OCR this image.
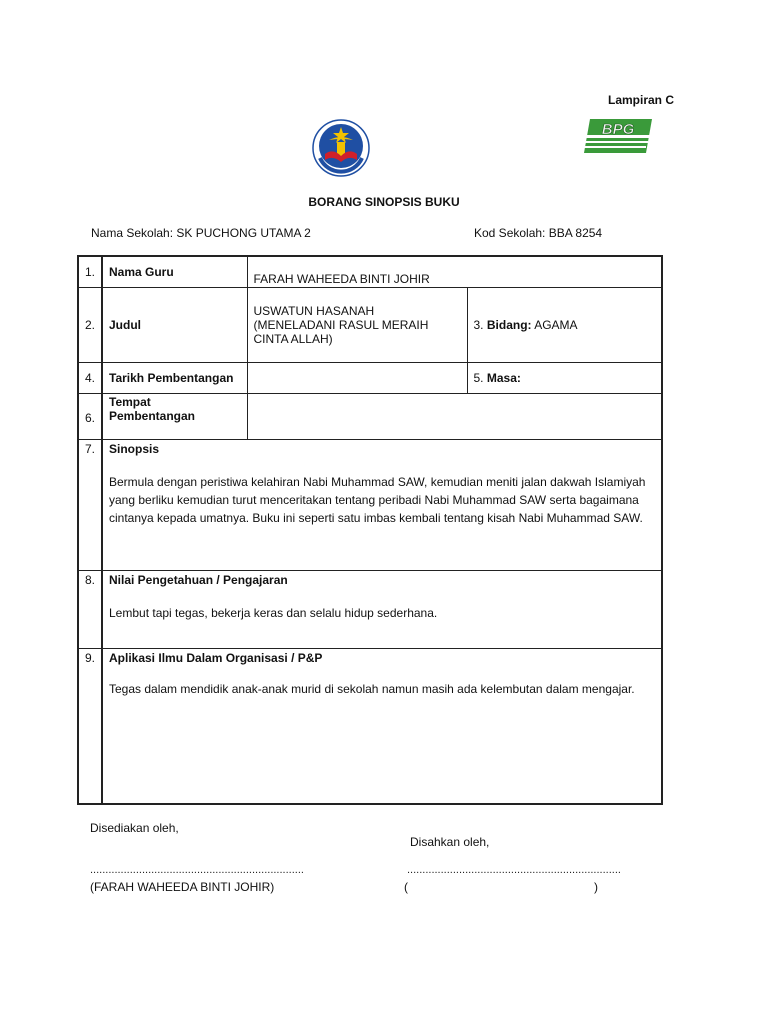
Lampiran C
BPG
BORANG SINOPSIS BUKU
Nama Sekolah: SK PUCHONG UTAMA 2	Kod Sekolah: BBA 8254
1.	Nama Guru	FARAH WAHEEDA BINTI JOHIR	
2.	Judul	USWATUN HASANAH
(MENELADANI RASUL MERAIH
CINTA ALLAH)	3. Bidang: AGAMA
4.	Tarikh Pembentangan		5. Masa:
6.	Tempat
Pembentangan		

7.	Sinopsis
Bermula dengan peristiwa kelahiran Nabi Muhammad SAW, kemudian meniti jalan dakwah Islamiyah yang berliku kemudian turut menceritakan tentang peribadi Nabi Muhammad SAW serta bagaimana cintanya kepada umatnya. Buku ini seperti satu imbas kembali tentang kisah Nabi Muhammad SAW.		

8.	Nilai Pengetahuan / Pengajaran
Lembut tapi tegas, bekerja keras dan selalu hidup sederhana.		

9.	Aplikasi Ilmu Dalam Organisasi / P&P
Tegas dalam mendidik anak-anak murid di sekolah namun masih ada kelembutan dalam mengajar.		
Disediakan oleh,
Disahkan oleh,
......................................................................	......................................................................
(FARAH WAHEEDA BINTI JOHIR)	(	)
